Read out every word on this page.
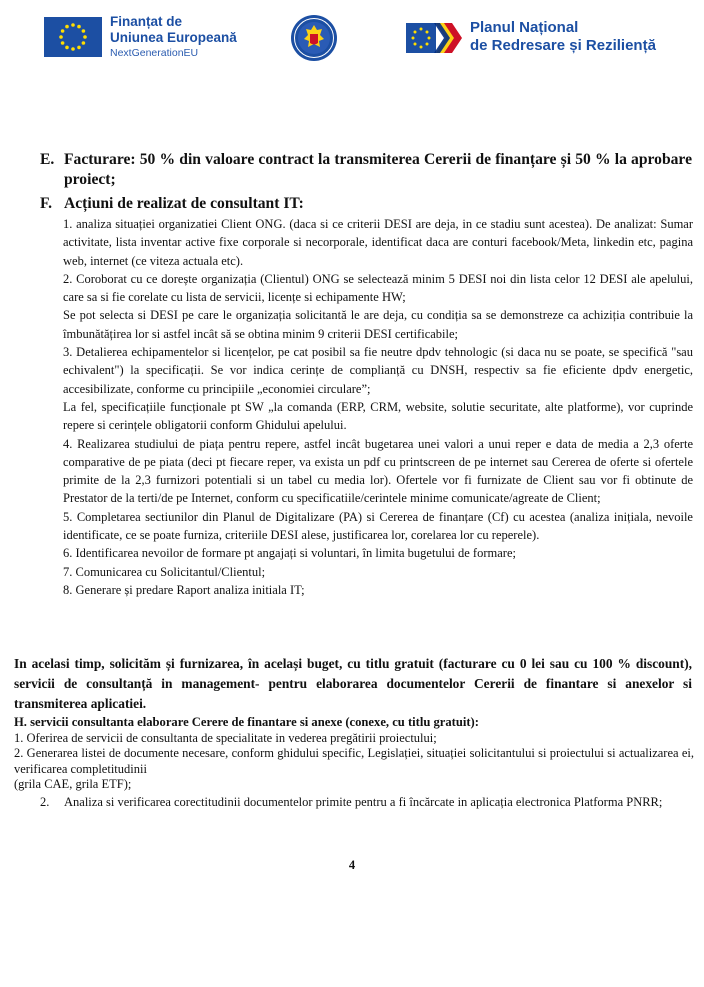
Finanțat de
Uniunea Europeană
NextGenerationEU
Planul Național
de Redresare și Reziliență
E. Facturare: 50 % din valoare contract la transmiterea Cererii de finanțare și 50 % la aprobare proiect;
F. Acțiuni de realizat de consultant IT:

1. analiza situației organizatiei Client ONG. (daca si ce criterii DESI are deja, in ce stadiu sunt acestea). De analizat: Sumar activitate, lista inventar active fixe corporale si necorporale, identificat daca are conturi facebook/Meta, linkedin etc, pagina web, internet (ce viteza actuala etc).

2. Coroborat cu ce dorește organizația (Clientul) ONG se selectează minim 5 DESI noi din lista celor 12 DESI ale apelului, care sa si fie corelate cu lista de servicii, licențe si echipamente HW;

Se pot selecta si DESI pe care le organizația solicitantă le are deja, cu condiția sa se demonstreze ca achiziția contribuie la îmbunătățirea lor si astfel incât să se obtina minim 9 criterii DESI certificabile;

3. Detalierea echipamentelor si licențelor, pe cat posibil sa fie neutre dpdv tehnologic (si daca nu se poate, se specifică "sau echivalent") la specificații. Se vor indica cerințe de complianță cu DNSH, respectiv sa fie eficiente dpdv energetic, accesibilizate, conforme cu principiile „economiei circulare”;

La fel, specificațiile funcționale pt SW „la comanda (ERP, CRM, website, solutie securitate, alte platforme), vor cuprinde repere si cerințele obligatorii conform Ghidului apelului.

4. Realizarea studiului de piața pentru repere, astfel incât bugetarea unei valori a unui reper e data de media a 2,3 oferte comparative de pe piata (deci pt fiecare reper, va exista un pdf cu printscreen de pe internet sau Cererea de oferte si ofertele primite de la 2,3 furnizori potentiali si un tabel cu media lor). Ofertele vor fi furnizate de Client sau vor fi obtinute de Prestator de la terti/de pe Internet, conform cu specificatiile/cerintele minime comunicate/agreate de Client;

5. Completarea sectiunilor din Planul de Digitalizare (PA) si Cererea de finanțare (Cf) cu acestea (analiza inițiala, nevoile identificate, ce se poate furniza, criteriile DESI alese, justificarea lor, corelarea lor cu reperele).

6. Identificarea nevoilor de formare pt angajați si voluntari, în limita bugetului de formare;

7. Comunicarea cu Solicitantul/Clientul;

8. Generare și predare Raport analiza initiala IT;

In acelasi timp, solicităm și furnizarea, în același buget, cu titlu gratuit (facturare cu 0 lei sau cu 100 % discount), servicii de consultanță in management- pentru elaborarea documentelor Cererii de finantare si anexelor si transmiterea aplicatiei.
H. servicii consultanta elaborare Cerere de finantare si anexe (conexe, cu titlu gratuit):

1. Oferirea de servicii de consultanta de specialitate in vederea pregătirii proiectului;

2. Generarea listei de documente necesare, conform ghidului specific, Legislației, situației solicitantului si proiectului si actualizarea ei, verificarea completitudinii

(grila CAE, grila ETF);

2. Analiza si verificarea corectitudinii documentelor primite pentru a fi încărcate in aplicația electronica Platforma PNRR;
4
